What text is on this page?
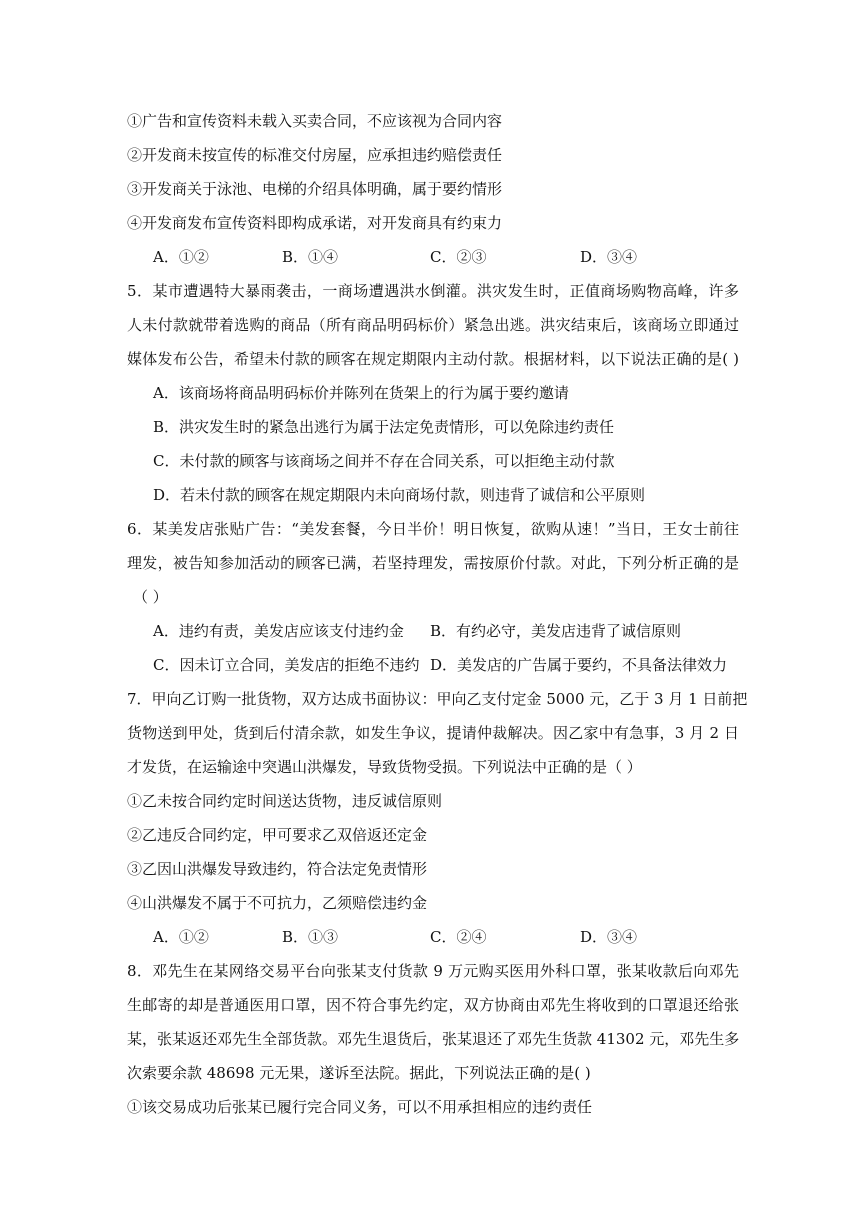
①广告和宣传资料未载入买卖合同，不应该视为合同内容

②开发商未按宣传的标准交付房屋，应承担违约赔偿责任

③开发商关于泳池、电梯的介绍具体明确，属于要约情形

④开发商发布宣传资料即构成承诺，对开发商具有约束力

A．①②	B．①④	C．②③	D．③④

5．某市遭遇特大暴雨袭击，一商场遭遇洪水倒灌。洪灾发生时，正值商场购物高峰，许多

人未付款就带着选购的商品（所有商品明码标价）紧急出逃。洪灾结束后，该商场立即通过

媒体发布公告，希望未付款的顾客在规定期限内主动付款。根据材料，以下说法正确的是( )

A．该商场将商品明码标价并陈列在货架上的行为属于要约邀请

B．洪灾发生时的紧急出逃行为属于法定免责情形，可以免除违约责任

C．未付款的顾客与该商场之间并不存在合同关系，可以拒绝主动付款

D．若未付款的顾客在规定期限内未向商场付款，则违背了诚信和公平原则

6．某美发店张贴广告：“美发套餐，今日半价！明日恢复，欲购从速！”当日，王女士前往

理发，被告知参加活动的顾客已满，若坚持理发，需按原价付款。对此，下列分析正确的是

（ ）

A．违约有责，美发店应该支付违约金 B．有约必守，美发店违背了诚信原则
C．因未订立合同，美发店的拒绝不违约 D．美发店的广告属于要约，不具备法律效力

7．甲向乙订购一批货物，双方达成书面协议：甲向乙支付定金 5000 元，乙于 3 月 1 日前把

货物送到甲处，货到后付清余款，如发生争议，提请仲裁解决。因乙家中有急事，3 月 2 日

才发货，在运输途中突遇山洪爆发，导致货物受损。下列说法中正确的是（ ）

①乙未按合同约定时间送达货物，违反诚信原则

②乙违反合同约定，甲可要求乙双倍返还定金

③乙因山洪爆发导致违约，符合法定免责情形

④山洪爆发不属于不可抗力，乙须赔偿违约金

A．①②	B．①③	C．②④	D．③④

8．邓先生在某网络交易平台向张某支付货款 9 万元购买医用外科口罩，张某收款后向邓先

生邮寄的却是普通医用口罩，因不符合事先约定，双方协商由邓先生将收到的口罩退还给张

某，张某返还邓先生全部货款。邓先生退货后，张某退还了邓先生货款 41302 元，邓先生多

次索要余款 48698 元无果，遂诉至法院。据此，下列说法正确的是( )

①该交易成功后张某已履行完合同义务，可以不用承担相应的违约责任
